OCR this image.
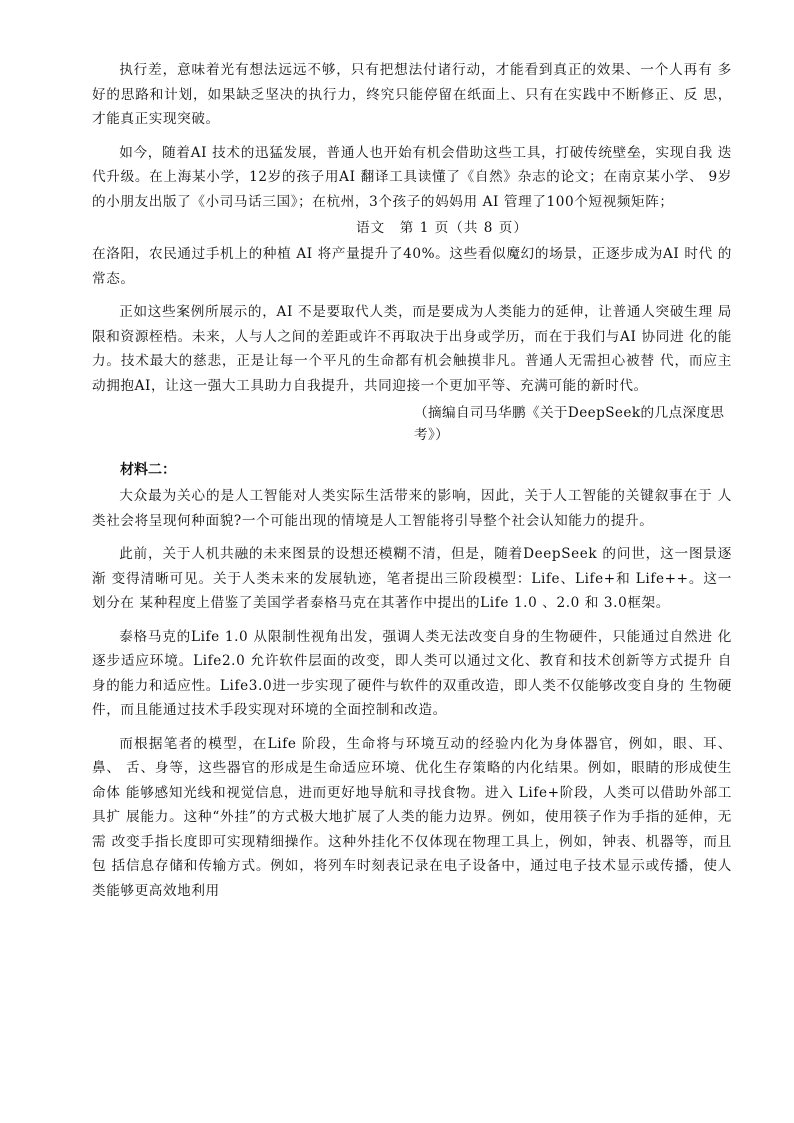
执行差，意味着光有想法远远不够，只有把想法付诸行动，才能看到真正的效果、一个人再有 多好的思路和计划，如果缺乏坚决的执行力，终究只能停留在纸面上、只有在实践中不断修正、反 思，才能真正实现突破。

如今，随着AI 技术的迅猛发展，普通人也开始有机会借助这些工具，打破传统壁垒，实现自我 迭代升级。在上海某小学，12岁的孩子用AI 翻译工具读懂了《自然》杂志的论文；在南京某小学、 9岁的小朋友出版了《小司马话三国》；在杭州，3个孩子的妈妈用 AI 管理了100个短视频矩阵；

语文　第 1 页（共 8 页）

在洛阳，农民通过手机上的种植 AI 将产量提升了40%。这些看似魔幻的场景，正逐步成为AI 时代 的常态。

正如这些案例所展示的，AI 不是要取代人类，而是要成为人类能力的延伸，让普通人突破生理 局限和资源桎梏。未来，人与人之间的差距或许不再取决于出身或学历，而在于我们与AI 协同进 化的能力。技术最大的慈悲，正是让每一个平凡的生命都有机会触摸非凡。普通人无需担心被替 代，而应主动拥抱AI，让这一强大工具助力自我提升，共同迎接一个更加平等、充满可能的新时代。

（摘编自司马华鹏《关于DeepSeek的几点深度思考》）
材料二：

大众最为关心的是人工智能对人类实际生活带来的影响，因此，关于人工智能的关键叙事在于 人类社会将呈现何种面貌?一个可能出现的情境是人工智能将引导整个社会认知能力的提升。

此前，关于人机共融的未来图景的设想还模糊不清，但是，随着DeepSeek 的问世，这一图景逐渐 变得清晰可见。关于人类未来的发展轨迹，笔者提出三阶段模型：Life、Life+和 Life++。这一划分在 某种程度上借鉴了美国学者泰格马克在其著作中提出的Life 1.0 、2.0 和 3.0框架。

泰格马克的Life 1.0 从限制性视角出发，强调人类无法改变自身的生物硬件，只能通过自然进 化逐步适应环境。Life2.0 允许软件层面的改变，即人类可以通过文化、教育和技术创新等方式提升 自身的能力和适应性。Life3.0进一步实现了硬件与软件的双重改造，即人类不仅能够改变自身的 生物硬件，而且能通过技术手段实现对环境的全面控制和改造。

而根据笔者的模型，在Life 阶段，生命将与环境互动的经验内化为身体器官，例如，眼、耳、鼻、 舌、身等，这些器官的形成是生命适应环境、优化生存策略的内化结果。例如，眼睛的形成使生命体 能够感知光线和视觉信息，进而更好地导航和寻找食物。进入 Life+阶段，人类可以借助外部工具扩 展能力。这种“外挂”的方式极大地扩展了人类的能力边界。例如，使用筷子作为手指的延伸，无需 改变手指长度即可实现精细操作。这种外挂化不仅体现在物理工具上，例如，钟表、机器等，而且包 括信息存储和传输方式。例如，将列车时刻表记录在电子设备中，通过电子技术显示或传播，使人 类能够更高效地利用
